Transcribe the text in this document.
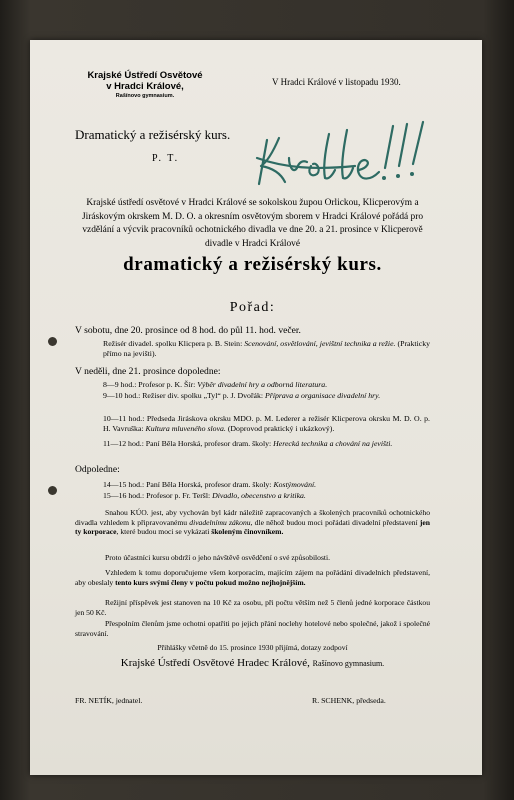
Krajské Ústředí Osvětové
v Hradci Králové,
Rašínovo gymnasium.
V Hradci Králové v listopadu 1930.
Dramatický a režisérský kurs.
P. T.
Krajské ústředí osvětové v Hradci Králové se sokolskou župou Orlickou, Klicperovým a Jiráskovým okrskem M. D. O. a okresním osvětovým sborem v Hradci Králové pořádá pro vzdělání a výcvik pracovníků ochotnického divadla ve dne 20. a 21. prosince v Klicperově divadle v Hradci Králové
dramatický a režisérský kurs.
Pořad:
V sobotu, dne 20. prosince od 8 hod. do půl 11. hod. večer.
Režisér divadel. spolku Klicpera p. B. Stein: Scenování, osvětlování, jevištní technika a režie. (Prakticky přímo na jevišti).
V neděli, dne 21. prosince dopoledne:
8—9 hod.: Profesor p. K. Šír: Výběr divadelní hry a odborná literatura.
9—10 hod.: Režiser div. spolku „Tyl“ p. J. Dvořák: Příprava a organisace divadelní hry.
10—11 hod.: Předseda Jiráskova okrsku MDO. p. M. Lederer a režisér Klicperova okrsku M. D. O. p. H. Vavruška: Kultura mluveného slova. (Doprovod praktický i ukázkový).
11—12 hod.: Paní Běla Horská, profesor dram. školy: Herecká technika a chování na jevišti.
Odpoledne:
14—15 hod.: Paní Běla Horská, profesor dram. školy: Kostýmování.
15—16 hod.: Profesor p. Fr. Teršl: Divadlo, obecenstvo a kritika.
Snahou KÚO. jest, aby vychován byl kádr náležitě zapracovaných a školených pracovníků ochotnického divadla vzhledem k připravovanému divadelnímu zákonu, dle něhož budou moci pořádati divadelní představení jen ty korporace, které budou moci se vykázati školeným činovníkem.
Proto účastníci kursu obdrží o jeho návštěvě osvědčení o své způsobilosti.
Vzhledem k tomu doporučujeme všem korporacím, majícím zájem na pořádání divadelních představení, aby obeslaly tento kurs svými členy v počtu pokud možno nejhojnějším.
Režijní příspěvek jest stanoven na 10 Kč za osobu, při počtu větším než 5 členů jedné korporace částkou jen 50 Kč.
Přespolním členům jsme ochotni opatřiti po jejich přání noclehy hotelové nebo společné, jakož i společné stravování.
Přihlášky včetně do 15. prosince 1930 přijímá, dotazy zodpoví
Krajské Ústředí Osvětové Hradec Králové, Rašínovo gymnasium.
FR. NETÍK, jednatel.	R. SCHENK, předseda.
